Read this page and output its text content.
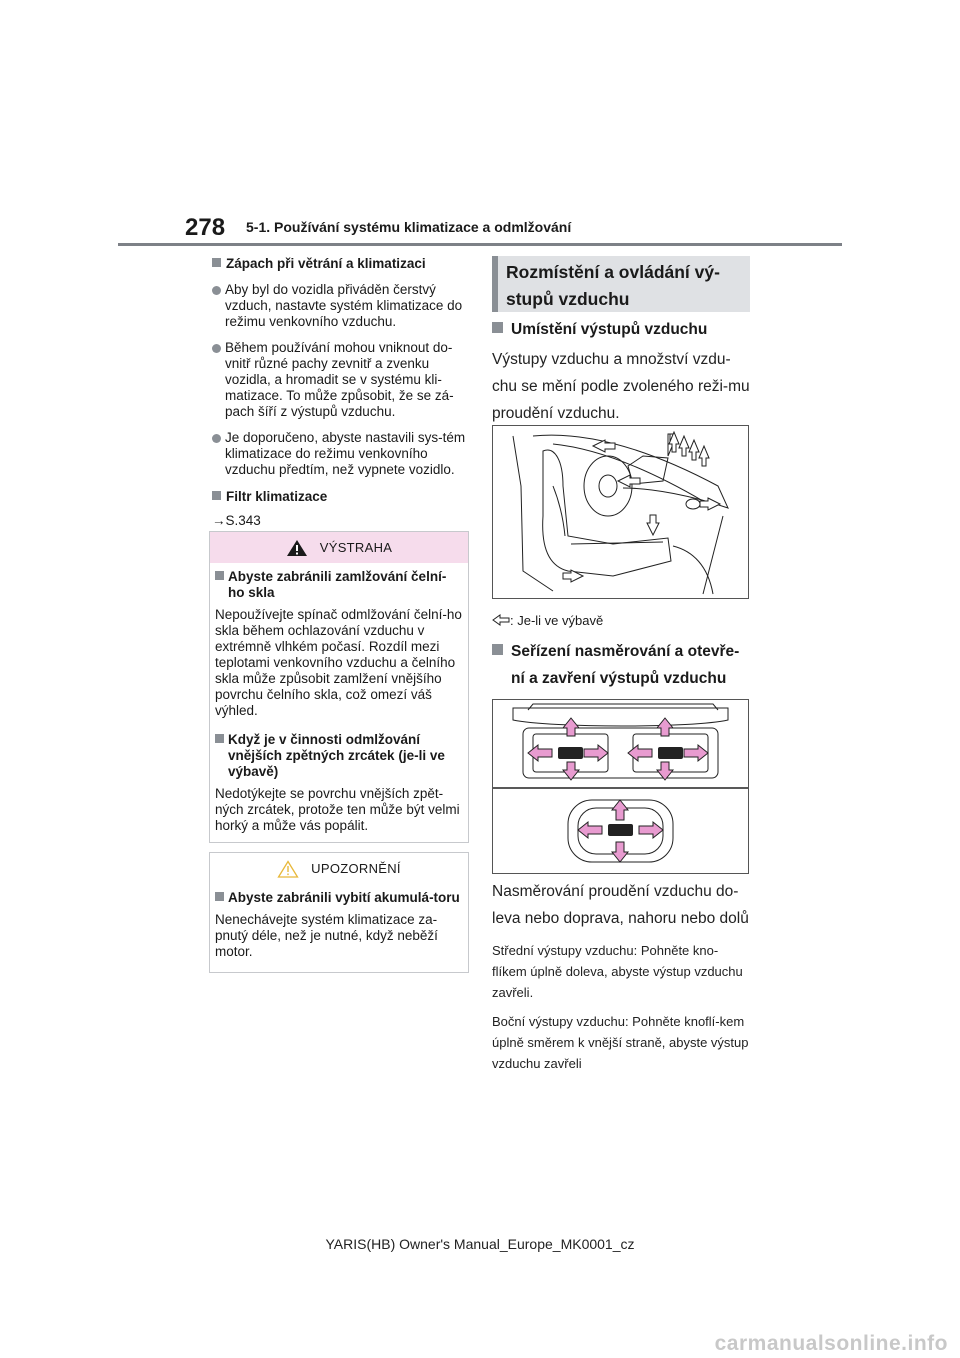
278 5-1. Používání systému klimatizace a odmlžování

Zápach při větrání a klimatizaci

Aby byl do vozidla přiváděn čerstvý vzduch, nastavte systém klimatizace do režimu venkovního vzduchu.

Během používání mohou vniknout do-vnitř různé pachy zevnitř a zvenku vozidla, a hromadit se v systému kli-matizace. To může způsobit, že se zá-pach šíří z výstupů vzduchu.

Je doporučeno, abyste nastavili sys-tém klimatizace do režimu venkovního vzduchu předtím, než vypnete vozidlo.

Filtr klimatizace

→S.343

VÝSTRAHA

Abyste zabránili zamlžování čelní-ho skla

Nepoužívejte spínač odmlžování čelní-ho skla během ochlazování vzduchu v extrémně vlhkém počasí. Rozdíl mezi teplotami venkovního vzduchu a čelního skla může způsobit zamlžení vnějšího povrchu čelního skla, což omezí váš výhled.

Když je v činnosti odmlžování vnějších zpětných zrcátek (je-li ve výbavě)

Nedotýkejte se povrchu vnějších zpět-ných zrcátek, protože ten může být velmi horký a může vás popálit.

UPOZORNĚNÍ

Abyste zabránili vybití akumulá-toru

Nenechávejte systém klimatizace za-pnutý déle, než je nutné, když neběží motor.

Rozmístění a ovládání vý-stupů vzduchu

Umístění výstupů vzduchu

Výstupy vzduchu a množství vzdu-chu se mění podle zvoleného reži-mu proudění vzduchu.

: Je-li ve výbavě

Seřízení nasměrování a otevře-ní a zavření výstupů vzduchu

Nasměrování proudění vzduchu do-leva nebo doprava, nahoru nebo dolů

Střední výstupy vzduchu: Pohněte kno-flíkem úplně doleva, abyste výstup vzduchu zavřeli.

Boční výstupy vzduchu: Pohněte knoflí-kem úplně směrem k vnější straně, abyste výstup vzduchu zavřeli

YARIS(HB) Owner's Manual_Europe_MK0001_cz
carmanualsonline.info
